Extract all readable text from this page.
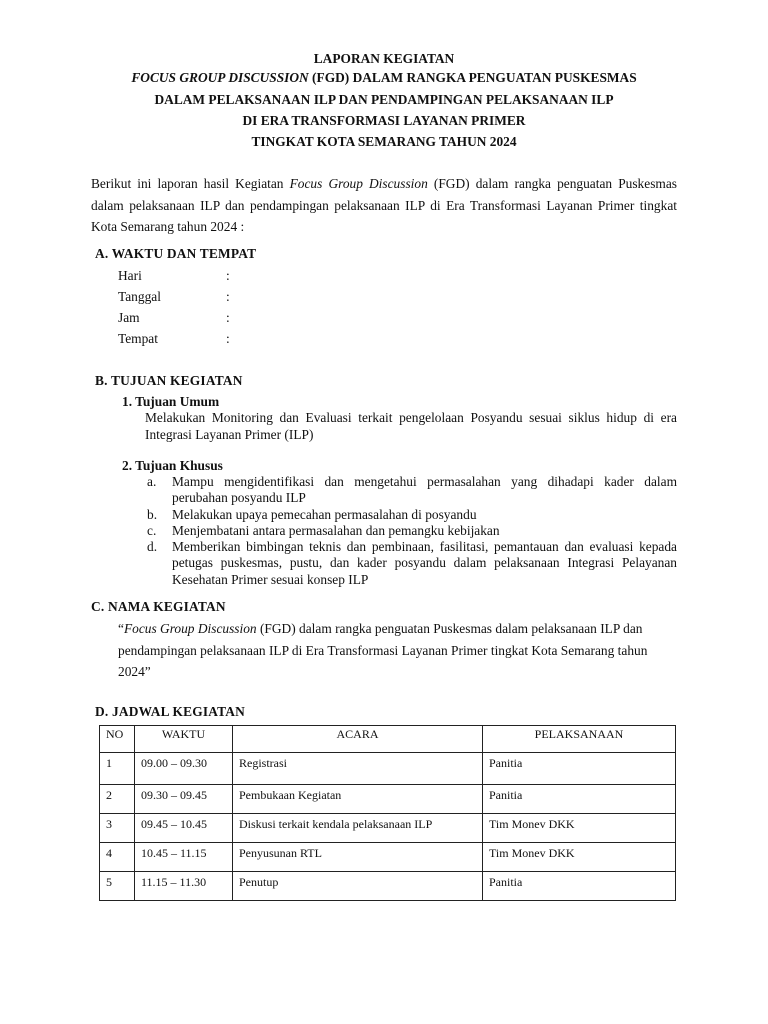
LAPORAN KEGIATAN
FOCUS GROUP DISCUSSION (FGD) DALAM RANGKA PENGUATAN PUSKESMAS
DALAM PELAKSANAAN ILP DAN PENDAMPINGAN PELAKSANAAN ILP
DI ERA TRANSFORMASI LAYANAN PRIMER
TINGKAT KOTA SEMARANG TAHUN 2024
Berikut ini laporan hasil Kegiatan Focus Group Discussion (FGD) dalam rangka penguatan Puskesmas dalam pelaksanaan ILP dan pendampingan pelaksanaan ILP di Era Transformasi Layanan Primer tingkat Kota Semarang tahun 2024 :
A. WAKTU DAN TEMPAT
Hari	:
Tanggal	:
Jam	:
Tempat	:
B. TUJUAN KEGIATAN
1. Tujuan Umum
Melakukan Monitoring dan Evaluasi terkait pengelolaan Posyandu sesuai siklus hidup di era Integrasi Layanan Primer (ILP)
2. Tujuan Khusus
a. Mampu mengidentifikasi dan mengetahui permasalahan yang dihadapi kader dalam perubahan posyandu ILP
b. Melakukan upaya pemecahan permasalahan di posyandu
c. Menjembatani antara permasalahan dan pemangku kebijakan
d. Memberikan bimbingan teknis dan pembinaan, fasilitasi, pemantauan dan evaluasi kepada petugas puskesmas, pustu, dan kader posyandu dalam pelaksanaan Integrasi Pelayanan Kesehatan Primer sesuai konsep ILP
C. NAMA KEGIATAN
“Focus Group Discussion (FGD) dalam rangka penguatan Puskesmas dalam pelaksanaan ILP dan pendampingan pelaksanaan ILP di Era Transformasi Layanan Primer tingkat Kota Semarang tahun 2024”
D. JADWAL KEGIATAN
NO	WAKTU	ACARA	PELAKSANAAN
1	09.00 – 09.30	Registrasi	Panitia
2	09.30 – 09.45	Pembukaan Kegiatan	Panitia
3	09.45 – 10.45	Diskusi terkait kendala pelaksanaan ILP	Tim Monev DKK
4	10.45 – 11.15	Penyusunan RTL	Tim Monev DKK
5	11.15 – 11.30	Penutup	Panitia
